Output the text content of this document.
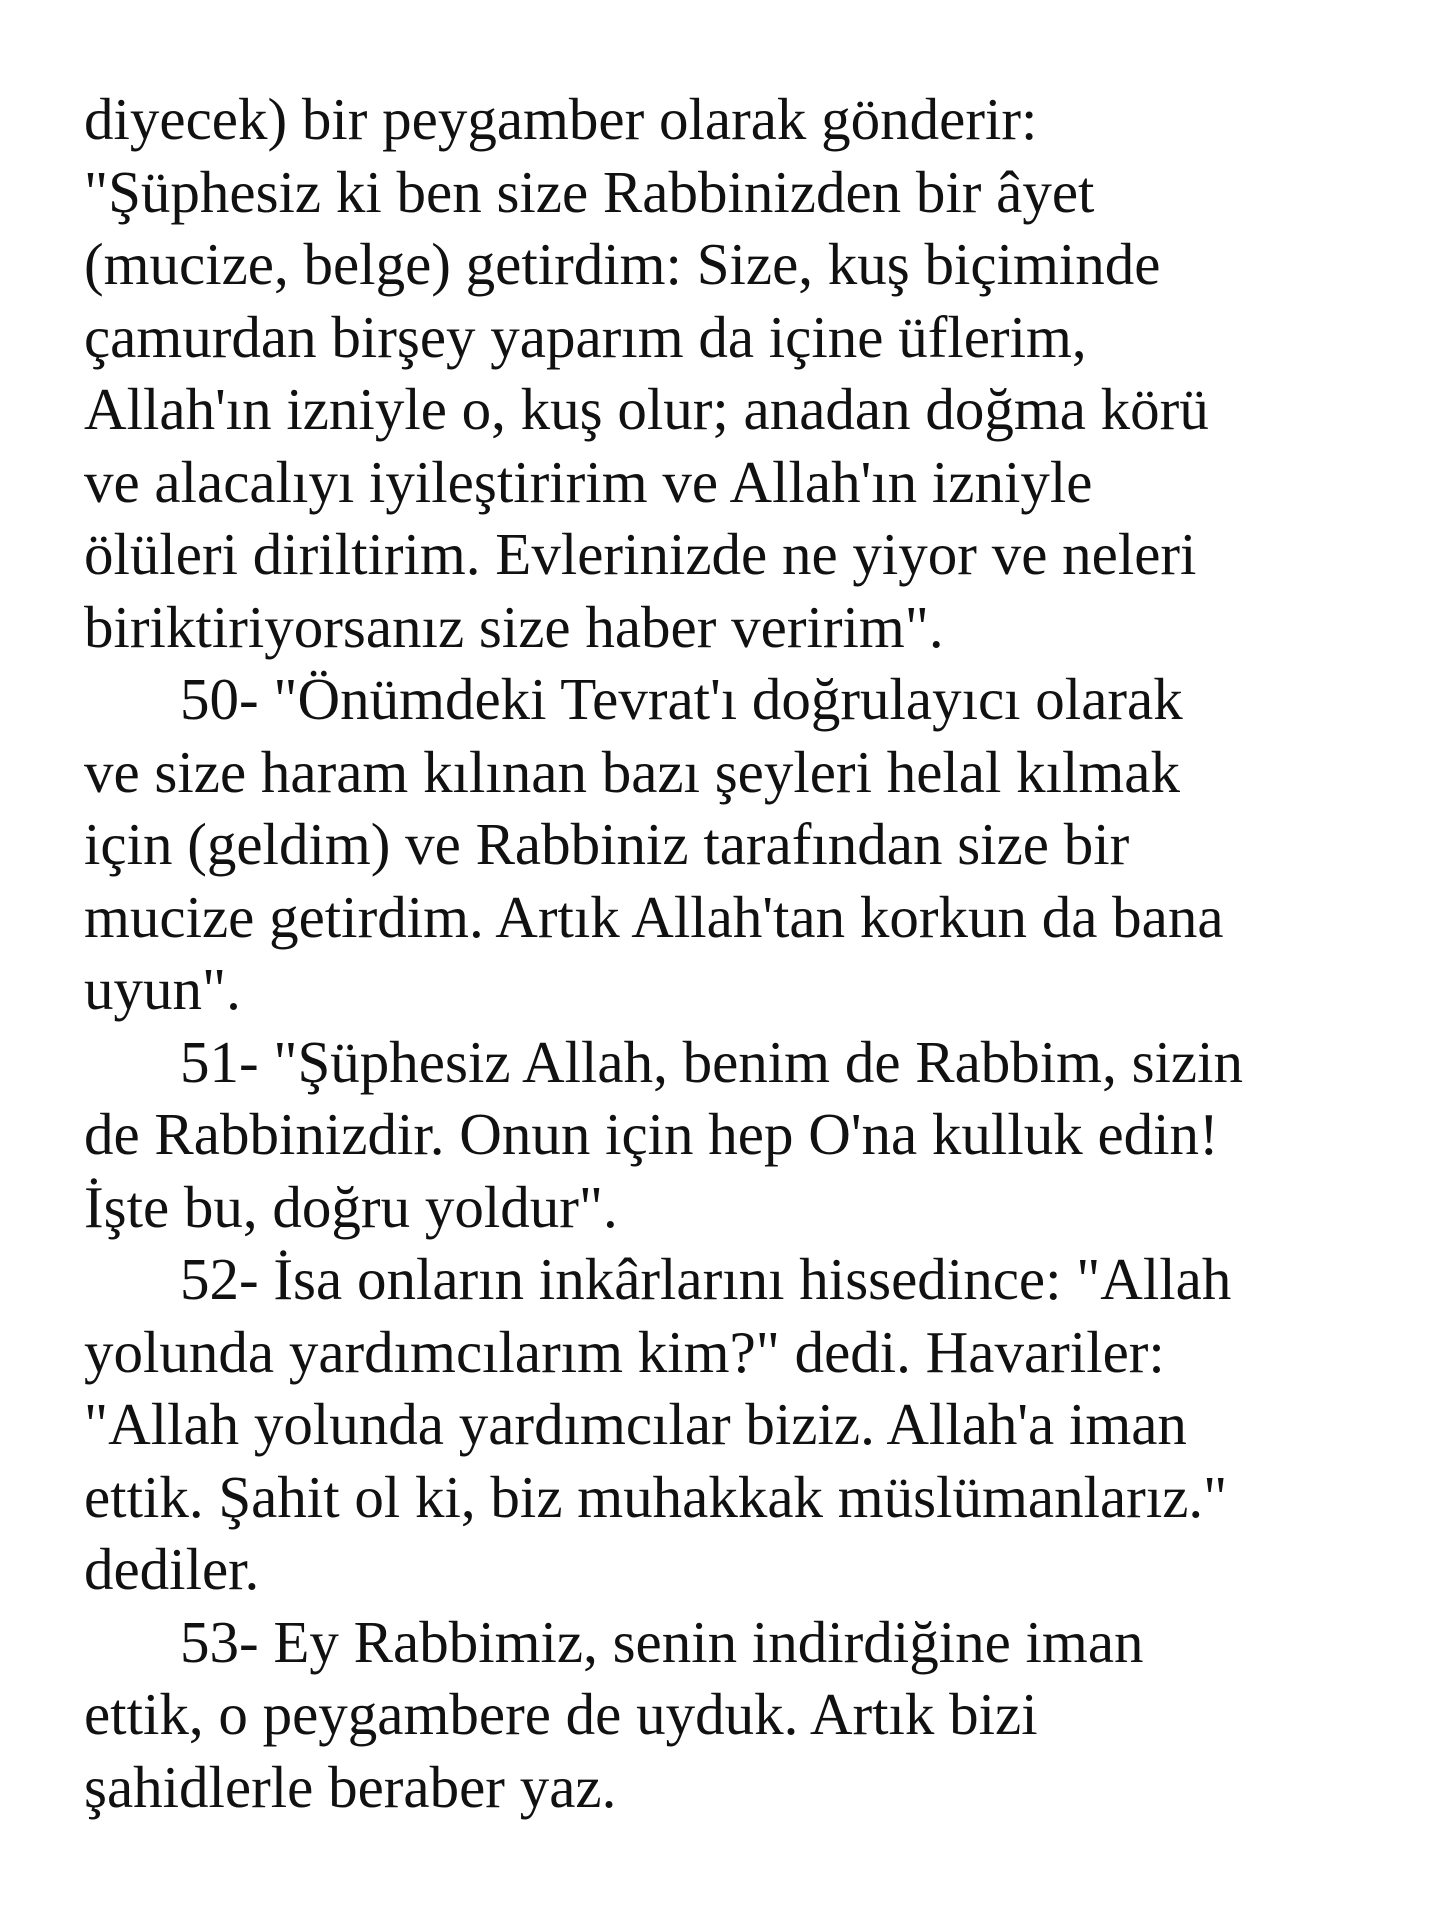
diyecek) bir peygamber olarak gönderir:
"Şüphesiz ki ben size Rabbinizden bir âyet
(mucize, belge) getirdim: Size, kuş biçiminde
çamurdan birşey yaparım da içine üflerim,
Allah'ın izniyle o, kuş olur; anadan doğma körü
ve alacalıyı iyileştiririm ve Allah'ın izniyle
ölüleri diriltirim. Evlerinizde ne yiyor ve neleri
biriktiriyorsanız size haber veririm".
50- "Önümdeki Tevrat'ı doğrulayıcı olarak
ve size haram kılınan bazı şeyleri helal kılmak
için (geldim) ve Rabbiniz tarafından size bir
mucize getirdim. Artık Allah'tan korkun da bana
uyun".
51- "Şüphesiz Allah, benim de Rabbim, sizin
de Rabbinizdir. Onun için hep O'na kulluk edin!
İşte bu, doğru yoldur".
52- İsa onların inkârlarını hissedince: "Allah
yolunda yardımcılarım kim?" dedi. Havariler:
"Allah yolunda yardımcılar biziz. Allah'a iman
ettik. Şahit ol ki, biz muhakkak müslümanlarız."
dediler.
53- Ey Rabbimiz, senin indirdiğine iman
ettik, o peygambere de uyduk. Artık bizi
şahidlerle beraber yaz.
